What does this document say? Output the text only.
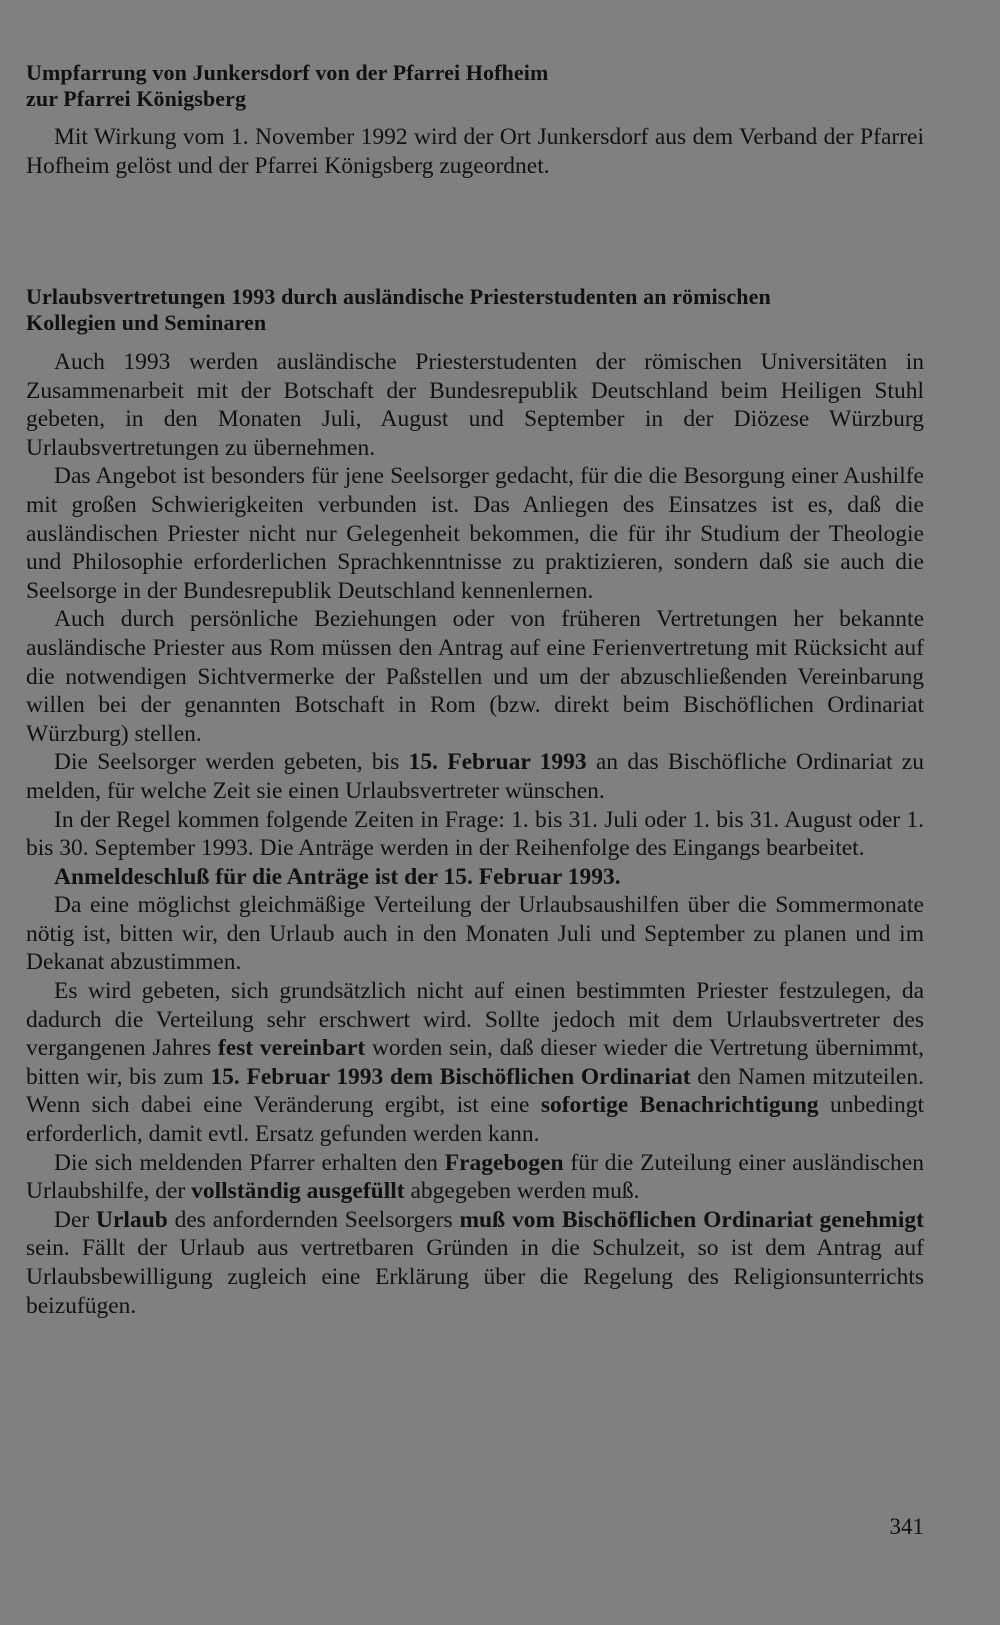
Umpfarrung von Junkersdorf von der Pfarrei Hofheim
zur Pfarrei Königsberg

Mit Wirkung vom 1. November 1992 wird der Ort Junkersdorf aus dem Verband der Pfarrei Hofheim gelöst und der Pfarrei Königsberg zugeordnet.

Urlaubsvertretungen 1993 durch ausländische Priesterstudenten an römischen
Kollegien und Seminaren

Auch 1993 werden ausländische Priesterstudenten der römischen Universitäten in Zusammenarbeit mit der Botschaft der Bundesrepublik Deutschland beim Heiligen Stuhl gebeten, in den Monaten Juli, August und September in der Diözese Würzburg Urlaubsvertretungen zu übernehmen.

Das Angebot ist besonders für jene Seelsorger gedacht, für die die Besorgung einer Aushilfe mit großen Schwierigkeiten verbunden ist. Das Anliegen des Einsatzes ist es, daß die ausländischen Priester nicht nur Gelegenheit bekommen, die für ihr Studium der Theologie und Philosophie erforderlichen Sprachkenntnisse zu praktizieren, sondern daß sie auch die Seelsorge in der Bundesrepublik Deutschland kennenlernen.

Auch durch persönliche Beziehungen oder von früheren Vertretungen her bekannte ausländische Priester aus Rom müssen den Antrag auf eine Ferienvertretung mit Rücksicht auf die notwendigen Sichtvermerke der Paßstellen und um der abzuschließenden Vereinbarung willen bei der genannten Botschaft in Rom (bzw. direkt beim Bischöflichen Ordinariat Würzburg) stellen.

Die Seelsorger werden gebeten, bis 15. Februar 1993 an das Bischöfliche Ordinariat zu melden, für welche Zeit sie einen Urlaubsvertreter wünschen.

In der Regel kommen folgende Zeiten in Frage: 1. bis 31. Juli oder 1. bis 31. August oder 1. bis 30. September 1993. Die Anträge werden in der Reihenfolge des Eingangs bearbeitet.

Anmeldeschluß für die Anträge ist der 15. Februar 1993.

Da eine möglichst gleichmäßige Verteilung der Urlaubsaushilfen über die Sommermonate nötig ist, bitten wir, den Urlaub auch in den Monaten Juli und September zu planen und im Dekanat abzustimmen.

Es wird gebeten, sich grundsätzlich nicht auf einen bestimmten Priester festzulegen, da dadurch die Verteilung sehr erschwert wird. Sollte jedoch mit dem Urlaubsvertreter des vergangenen Jahres fest vereinbart worden sein, daß dieser wieder die Vertretung übernimmt, bitten wir, bis zum 15. Februar 1993 dem Bischöflichen Ordinariat den Namen mitzuteilen. Wenn sich dabei eine Veränderung ergibt, ist eine sofortige Benachrichtigung unbedingt erforderlich, damit evtl. Ersatz gefunden werden kann.

Die sich meldenden Pfarrer erhalten den Fragebogen für die Zuteilung einer ausländischen Urlaubshilfe, der vollständig ausgefüllt abgegeben werden muß.

Der Urlaub des anfordernden Seelsorgers muß vom Bischöflichen Ordinariat genehmigt sein. Fällt der Urlaub aus vertretbaren Gründen in die Schulzeit, so ist dem Antrag auf Urlaubsbewilligung zugleich eine Erklärung über die Regelung des Religionsunterrichts beizufügen.

341
